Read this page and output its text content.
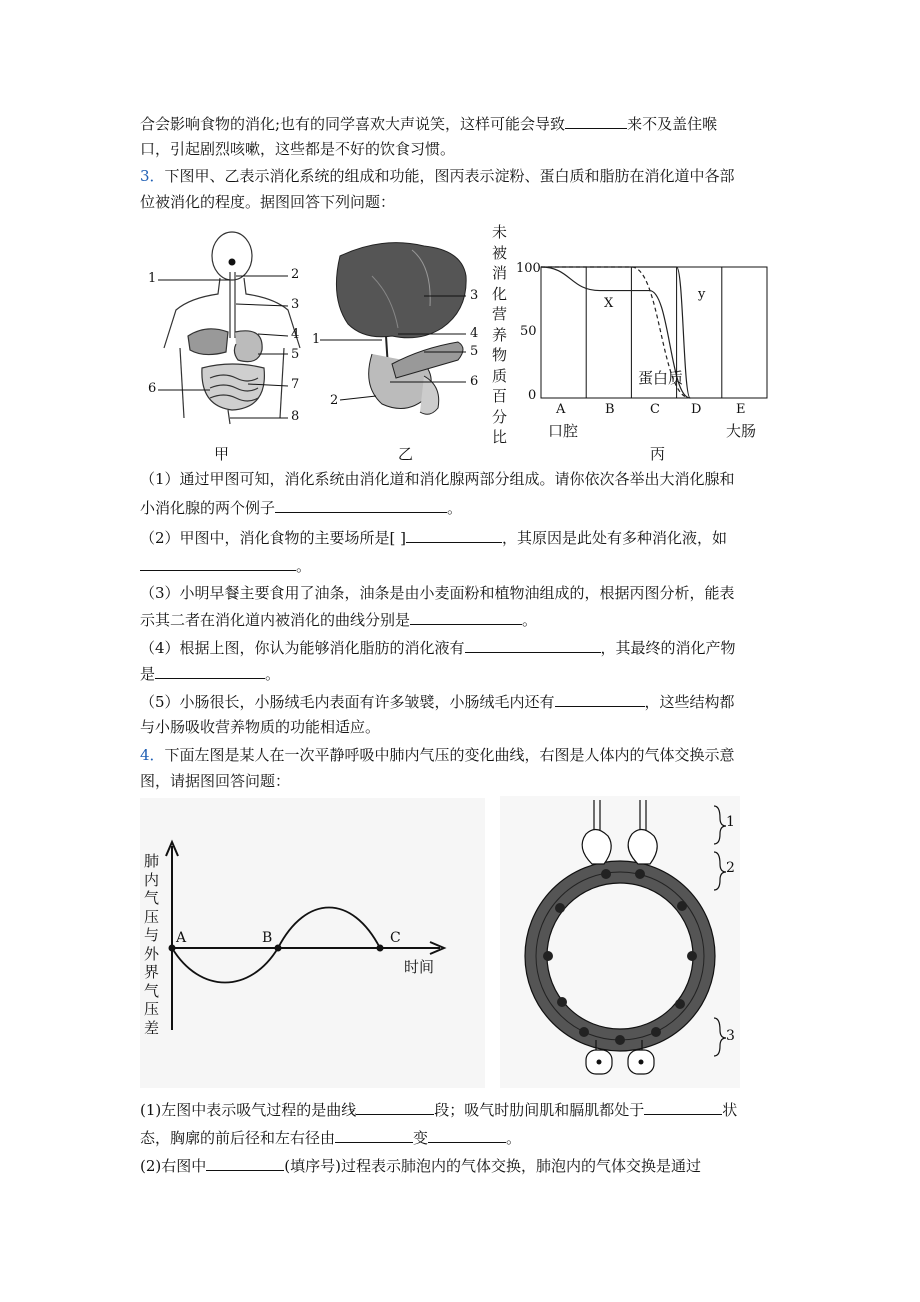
合会影响食物的消化;也有的同学喜欢大声说笑，这样可能会导致	来不及盖住喉
口，引起剧烈咳嗽，这些都是不好的饮食习惯。
3．下图甲、乙表示消化系统的组成和功能，图丙表示淀粉、蛋白质和脂肪在消化道中各部
位被消化的程度。据图回答下列问题：
1	2
3
4
5
6	7
8
甲
1
2
3
4
5
6
乙
未被消化营养物质百分比
100
50
0
A	B	C D	E
口腔	大肠
X
y
蛋白质
丙
（1）通过甲图可知，消化系统由消化道和消化腺两部分组成。请你依次各举出大消化腺和
小消化腺的两个例子	。
（2）甲图中，消化食物的主要场所是[ ]	，其原因是此处有多种消化液，如
。
（3）小明早餐主要食用了油条，油条是由小麦面粉和植物油组成的，根据丙图分析，能表
示其二者在消化道内被消化的曲线分别是	。
（4）根据上图，你认为能够消化脂肪的消化液有	，其最终的消化产物
是	。
（5）小肠很长，小肠绒毛内表面有许多皱襞，小肠绒毛内还有	，这些结构都
与小肠吸收营养物质的功能相适应。
4．下面左图是某人在一次平静呼吸中肺内气压的变化曲线，右图是人体内的气体交换示意
图，请据图回答问题：
肺内气压与外界气压差
A	B	C
时间
1
2
3
(1)左图中表示吸气过程的是曲线	段；吸气时肋间肌和膈肌都处于	状
态，胸廓的前后径和左右径由	变	。
(2)右图中	(填序号)过程表示肺泡内的气体交换，肺泡内的气体交换是通过
